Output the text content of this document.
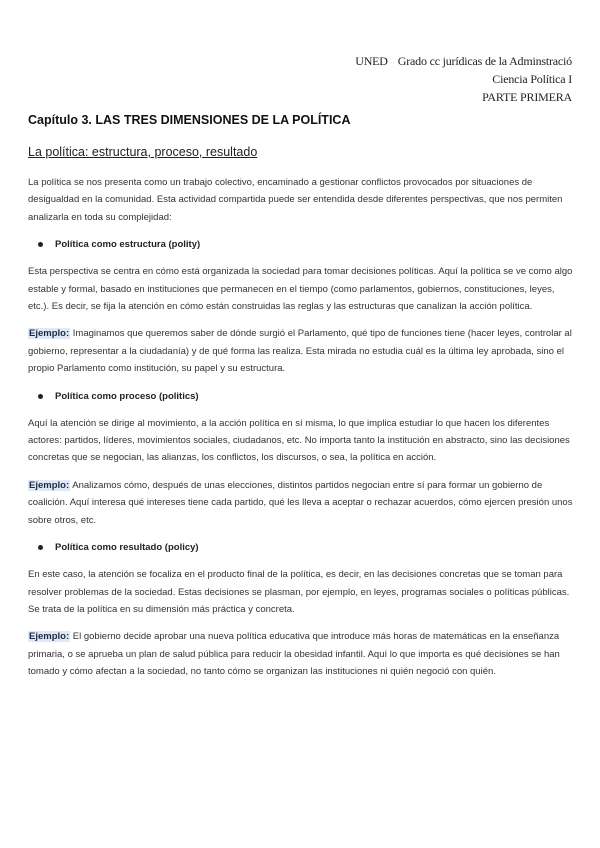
UNED Grado cc jurídicas de la Adminstració
Ciencia Política I
PARTE PRIMERA
Capítulo 3. LAS TRES DIMENSIONES DE LA POLÍTICA
La política: estructura, proceso, resultado

La política se nos presenta como un trabajo colectivo, encaminado a gestionar conflictos provocados por situaciones de desigualdad en la comunidad. Esta actividad compartida puede ser entendida desde diferentes perspectivas, que nos permiten analizarla en toda su complejidad:

Política como estructura (polity)

Esta perspectiva se centra en cómo está organizada la sociedad para tomar decisiones políticas. Aquí la política se ve como algo estable y formal, basado en instituciones que permanecen en el tiempo (como parlamentos, gobiernos, constituciones, leyes, etc.). Es decir, se fija la atención en cómo están construidas las reglas y las estructuras que canalizan la acción política.

Ejemplo: Imaginamos que queremos saber de dónde surgió el Parlamento, qué tipo de funciones tiene (hacer leyes, controlar al gobierno, representar a la ciudadanía) y de qué forma las realiza. Esta mirada no estudia cuál es la última ley aprobada, sino el propio Parlamento como institución, su papel y su estructura.

Política como proceso (politics)

Aquí la atención se dirige al movimiento, a la acción política en sí misma, lo que implica estudiar lo que hacen los diferentes actores: partidos, líderes, movimientos sociales, ciudadanos, etc. No importa tanto la institución en abstracto, sino las decisiones concretas que se negocian, las alianzas, los conflictos, los discursos, o sea, la política en acción.

Ejemplo: Analizamos cómo, después de unas elecciones, distintos partidos negocian entre sí para formar un gobierno de coalición. Aquí interesa qué intereses tiene cada partido, qué les lleva a aceptar o rechazar acuerdos, cómo ejercen presión unos sobre otros, etc.

Política como resultado (policy)

En este caso, la atención se focaliza en el producto final de la política, es decir, en las decisiones concretas que se toman para resolver problemas de la sociedad. Estas decisiones se plasman, por ejemplo, en leyes, programas sociales o políticas públicas. Se trata de la política en su dimensión más práctica y concreta.

Ejemplo: El gobierno decide aprobar una nueva política educativa que introduce más horas de matemáticas en la enseñanza primaria, o se aprueba un plan de salud pública para reducir la obesidad infantil. Aquí lo que importa es qué decisiones se han tomado y cómo afectan a la sociedad, no tanto cómo se organizan las instituciones ni quién negoció con quién.
